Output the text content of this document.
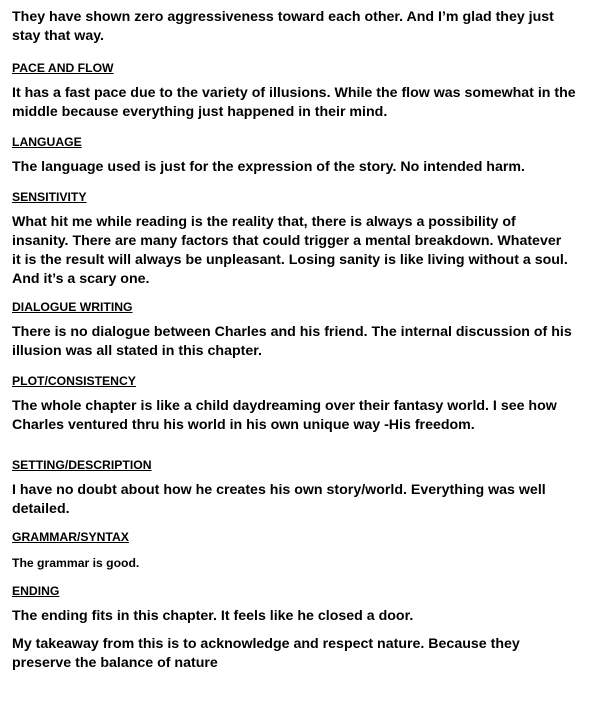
They have shown zero aggressiveness toward each other. And I’m glad they just stay that way.

PACE AND FLOW

It has a fast pace due to the variety of illusions. While the flow was somewhat in the middle because everything just happened in their mind.

LANGUAGE

The language used is just for the expression of the story. No intended harm.

SENSITIVITY

What hit me while reading is the reality that, there is always a possibility of insanity. There are many factors that could trigger a mental breakdown. Whatever it is the result will always be unpleasant. Losing sanity is like living without a soul. And it’s a scary one.

DIALOGUE WRITING

There is no dialogue between Charles and his friend. The internal discussion of his illusion was all stated in this chapter.

PLOT/CONSISTENCY

The whole chapter is like a child daydreaming over their fantasy world. I see how Charles ventured thru his world in his own unique way -His freedom.

SETTING/DESCRIPTION

I have no doubt about how he creates his own story/world. Everything was well detailed.

GRAMMAR/SYNTAX

The grammar is good.

ENDING

The ending fits in this chapter. It feels like he closed a door.

My takeaway from this is to acknowledge and respect nature. Because they preserve the balance of nature
